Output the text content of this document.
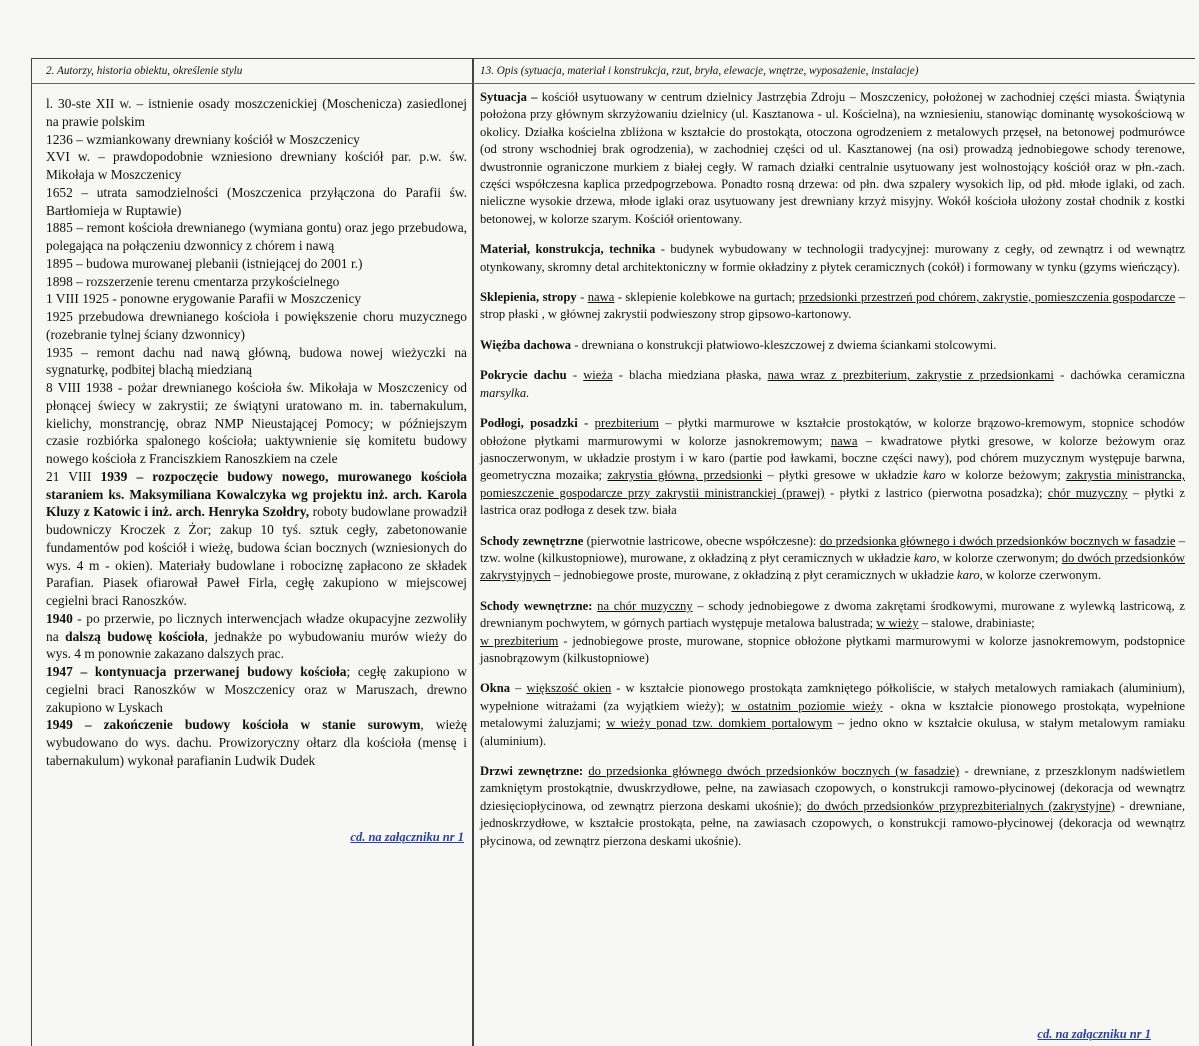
2. Autorzy, historia obiektu, określenie stylu

l. 30-ste XII w. – istnienie osady moszczenickiej (Moschenicza) zasiedlonej na prawie polskim

1236 – wzmiankowany drewniany kościół w Moszczenicy

XVI w. – prawdopodobnie wzniesiono drewniany kościół par. p.w. św. Mikołaja w Moszczenicy

1652 – utrata samodzielności (Moszczenica przyłączona do Parafii św. Bartłomieja w Ruptawie)

1885 – remont kościoła drewnianego (wymiana gontu) oraz jego przebudowa, polegająca na połączeniu dzwonnicy z chórem i nawą

1895 – budowa murowanej plebanii (istniejącej do 2001 r.)

1898 – rozszerzenie terenu cmentarza przykościelnego

1 VIII 1925 - ponowne erygowanie Parafii w Moszczenicy

1925 przebudowa drewnianego kościoła i powiększenie choru muzycznego (rozebranie tylnej ściany dzwonnicy)

1935 – remont dachu nad nawą główną, budowa nowej wieżyczki na sygnaturkę, podbitej blachą miedzianą

8 VIII 1938 - pożar drewnianego kościoła św. Mikołaja w Moszczenicy od płonącej świecy w zakrystii; ze świątyni uratowano m. in. tabernakulum, kielichy, monstrancję, obraz NMP Nieustającej Pomocy; w późniejszym czasie rozbiórka spalonego kościoła; uaktywnienie się komitetu budowy nowego kościoła z Franciszkiem Ranoszkiem na czele

21 VIII 1939 – rozpoczęcie budowy nowego, murowanego kościoła staraniem ks. Maksymiliana Kowalczyka wg projektu inż. arch. Karola Kluzy z Katowic i inż. arch. Henryka Szołdry, roboty budowlane prowadził budowniczy Kroczek z Żor; zakup 10 tyś. sztuk cegły, zabetonowanie fundamentów pod kościół i wieżę, budowa ścian bocznych (wzniesionych do wys. 4 m - okien). Materiały budowlane i robociznę zapłacono ze składek Parafian. Piasek ofiarował Paweł Firla, cegłę zakupiono w miejscowej cegielni braci Ranoszków.

1940 - po przerwie, po licznych interwencjach władze okupacyjne zezwoliły na dalszą budowę kościoła, jednakże po wybudowaniu murów wieży do wys. 4 m ponownie zakazano dalszych prac.

1947 – kontynuacja przerwanej budowy kościoła; cegłę zakupiono w cegielni braci Ranoszków w Moszczenicy oraz w Maruszach, drewno zakupiono w Lyskach

1949 – zakończenie budowy kościoła w stanie surowym, wieżę wybudowano do wys. dachu. Prowizoryczny ołtarz dla kościoła (mensę i tabernakulum) wykonał parafianin Ludwik Dudek

cd. na załączniku nr 1
13. Opis (sytuacja, materiał i konstrukcja, rzut, bryła, elewacje, wnętrze, wyposażenie, instalacje)

Sytuacja – kościół usytuowany w centrum dzielnicy Jastrzębia Zdroju – Moszczenicy, położonej w zachodniej części miasta. Świątynia położona przy głównym skrzyżowaniu dzielnicy (ul. Kasztanowa - ul. Kościelna), na wzniesieniu, stanowiąc dominantę wysokościową w okolicy. Działka kościelna zbliżona w kształcie do prostokąta, otoczona ogrodzeniem z metalowych przęseł, na betonowej podmurówce (od strony wschodniej brak ogrodzenia), w zachodniej części od ul. Kasztanowej (na osi) prowadzą jednobiegowe schody terenowe, dwustronnie ograniczone murkiem z białej cegły. W ramach działki centralnie usytuowany jest wolnostojący kościół oraz w płn.-zach. części współczesna kaplica przedpogrzebowa. Ponadto rosną drzewa: od płn. dwa szpalery wysokich lip, od płd. młode iglaki, od zach. nieliczne wysokie drzewa, młode iglaki oraz usytuowany jest drewniany krzyż misyjny. Wokół kościoła ułożony został chodnik z kostki betonowej, w kolorze szarym. Kościół orientowany.

Materiał, konstrukcja, technika - budynek wybudowany w technologii tradycyjnej: murowany z cegły, od zewnątrz i od wewnątrz otynkowany, skromny detal architektoniczny w formie okładziny z płytek ceramicznych (cokół) i formowany w tynku (gzyms wieńczący).

Sklepienia, stropy - nawa - sklepienie kolebkowe na gurtach; przedsionki przestrzeń pod chórem, zakrystie, pomieszczenia gospodarcze – strop płaski , w głównej zakrystii podwieszony strop gipsowo-kartonowy.

Więźba dachowa - drewniana o konstrukcji płatwiowo-kleszczowej z dwiema ściankami stolcowymi.

Pokrycie dachu - wieża - blacha miedziana płaska, nawa wraz z prezbiterium, zakrystie z przedsionkami - dachówka ceramiczna marsylka.

Podłogi, posadzki - prezbiterium – płytki marmurowe w kształcie prostokątów, w kolorze brązowo-kremowym, stopnice schodów obłożone płytkami marmurowymi w kolorze jasnokremowym; nawa – kwadratowe płytki gresowe, w kolorze beżowym oraz jasnoczerwonym, w układzie prostym i w karo (partie pod ławkami, boczne części nawy), pod chórem muzycznym występuje barwna, geometryczna mozaika; zakrystia główna, przedsionki – płytki gresowe w układzie karo w kolorze beżowym; zakrystia ministrancka, pomieszczenie gospodarcze przy zakrystii ministranckiej (prawej) - płytki z lastrico (pierwotna posadzka); chór muzyczny – płytki z lastrica oraz podłoga z desek tzw. biała

Schody zewnętrzne (pierwotnie lastricowe, obecne współczesne): do przedsionka głównego i dwóch przedsionków bocznych w fasadzie – tzw. wolne (kilkustopniowe), murowane, z okładziną z płyt ceramicznych w układzie karo, w kolorze czerwonym; do dwóch przedsionków zakrystyjnych – jednobiegowe proste, murowane, z okładziną z płyt ceramicznych w układzie karo, w kolorze czerwonym.

Schody wewnętrzne: na chór muzyczny – schody jednobiegowe z dwoma zakrętami środkowymi, murowane z wylewką lastricową, z drewnianym pochwytem, w górnych partiach występuje metalowa balustrada; w wieży – stalowe, drabiniaste;
w prezbiterium - jednobiegowe proste, murowane, stopnice obłożone płytkami marmurowymi w kolorze jasnokremowym, podstopnice jasnobrązowym (kilkustopniowe)

Okna – większość okien - w kształcie pionowego prostokąta zamkniętego półkoliście, w stałych metalowych ramiakach (aluminium), wypełnione witrażami (za wyjątkiem wieży); w ostatnim poziomie wieży - okna w kształcie pionowego prostokąta, wypełnione metalowymi żaluzjami; w wieży ponad tzw. domkiem portalowym – jedno okno w kształcie okulusa, w stałym metalowym ramiaku (aluminium).

Drzwi zewnętrzne: do przedsionka głównego dwóch przedsionków bocznych (w fasadzie) - drewniane, z przeszklonym nadświetlem zamkniętym prostokątnie, dwuskrzydłowe, pełne, na zawiasach czopowych, o konstrukcji ramowo-płycinowej (dekoracja od wewnątrz dziesięciopłycinowa, od zewnątrz pierzona deskami ukośnie); do dwóch przedsionków przyprezbiterialnych (zakrystyjne) - drewniane, jednoskrzydłowe, w kształcie prostokąta, pełne, na zawiasach czopowych, o konstrukcji ramowo-płycinowej (dekoracja od wewnątrz płycinowa, od zewnątrz pierzona deskami ukośnie).

cd. na załączniku nr 1
